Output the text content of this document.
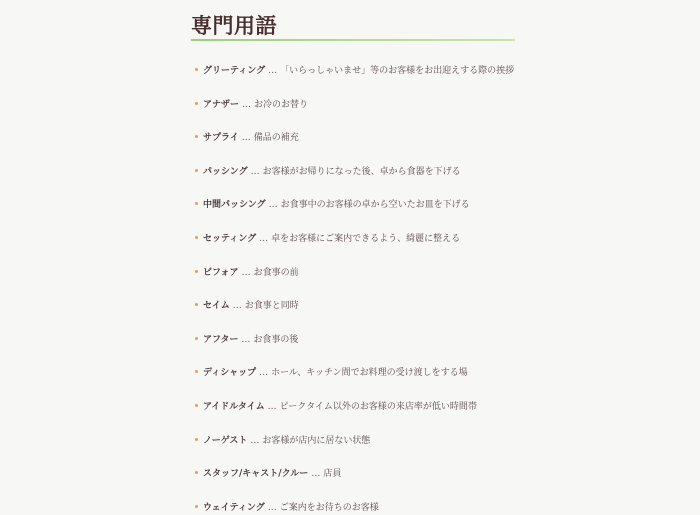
専門用語
グリーティング … 「いらっしゃいませ」等のお客様をお出迎えする際の挨拶
アナザー … お冷のお替り
サプライ … 備品の補充
パッシング … お客様がお帰りになった後、卓から食器を下げる
中間パッシング … お食事中のお客様の卓から空いたお皿を下げる
セッティング … 卓をお客様にご案内できるよう、綺麗に整える
ビフォア … お食事の前
セイム … お食事と同時
アフター … お食事の後
ディシャップ … ホール、キッチン間でお料理の受け渡しをする場
アイドルタイム … ピークタイム以外のお客様の来店率が低い時間帯
ノーゲスト … お客様が店内に居ない状態
スタッフ/キャスト/クルー … 店員
ウェイティング … ご案内をお待ちのお客様
